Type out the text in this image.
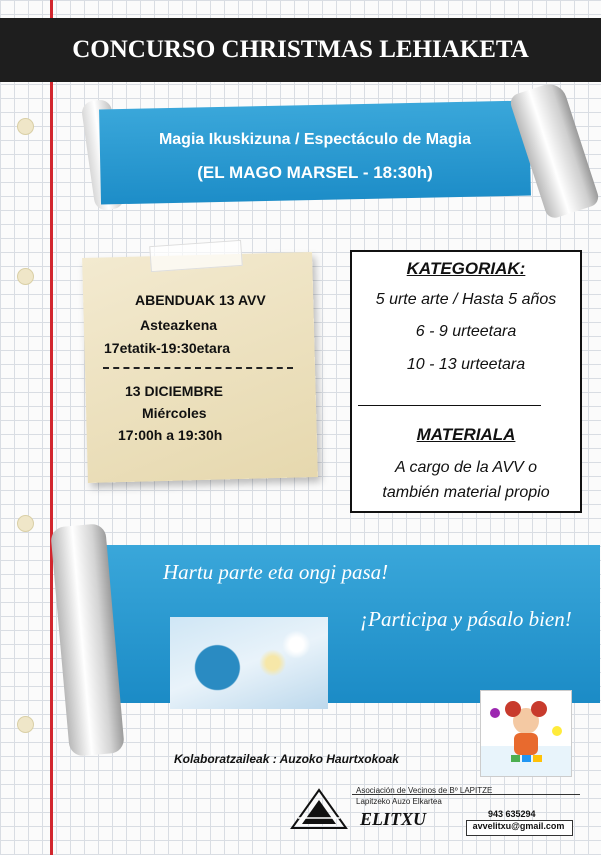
CONCURSO CHRISTMAS LEHIAKETA
Magia Ikuskizuna / Espectáculo de Magia
(EL MAGO MARSEL - 18:30h)
ABENDUAK 13 AVV
Asteazkena
17etatik-19:30etara
13 DICIEMBRE
Miércoles
17:00h a 19:30h
KATEGORIAK:
5 urte arte / Hasta 5 años
6 - 9 urteetara
10 - 13 urteetara
MATERIALA
A cargo de la AVV o
también material propio
Hartu parte eta ongi pasa!
¡Participa y pásalo bien!
Kolaboratzaileak : Auzoko Haurtxokoak
Asociación de Vecinos de Bº LAPITZE
Lapitzeko Auzo Elkartea
ELITXU	943 635294
avvelitxu@gmail.com
